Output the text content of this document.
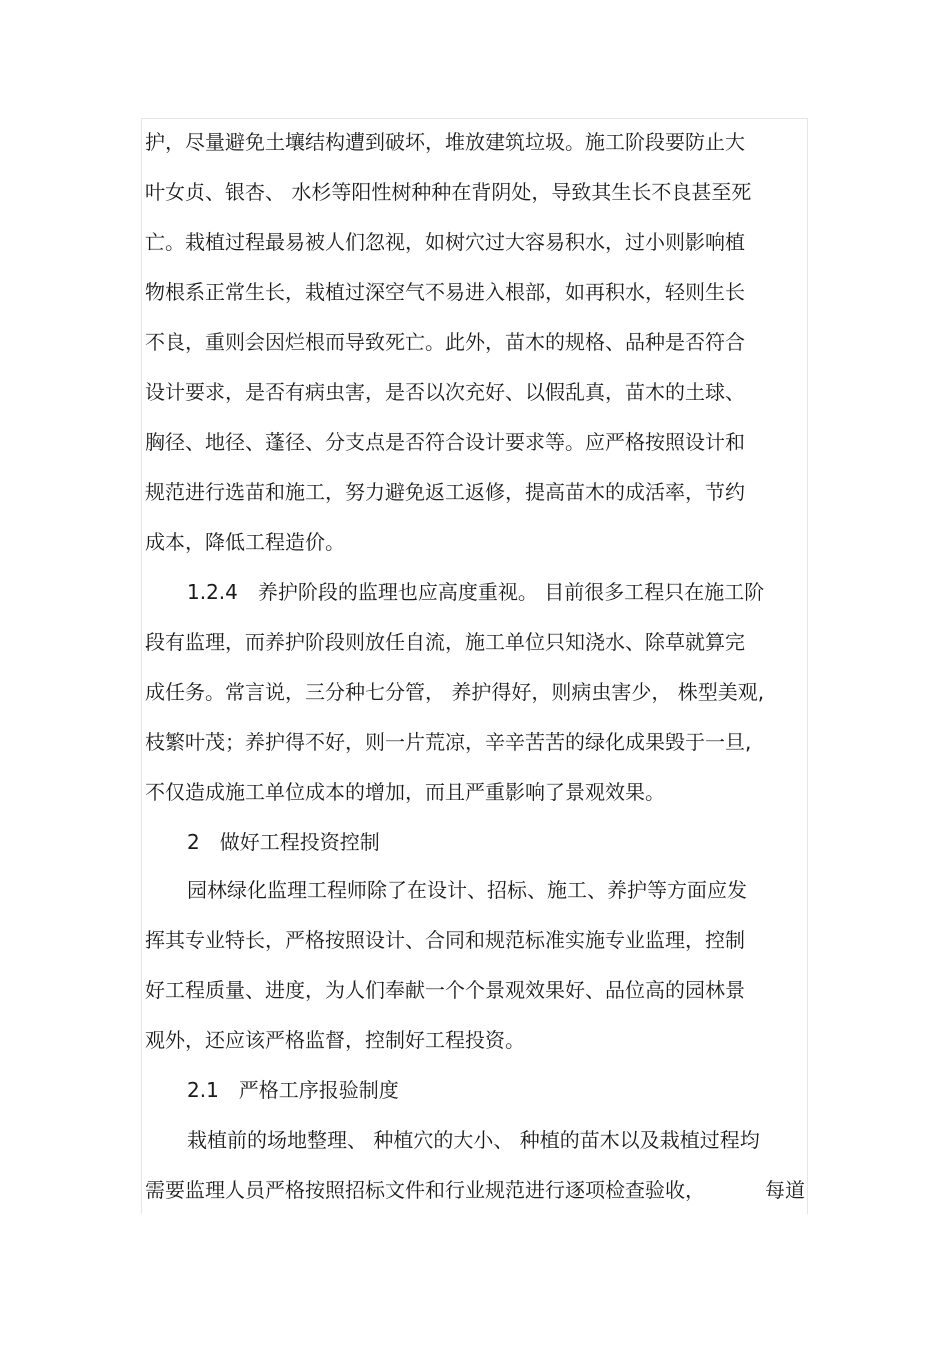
护，尽量避免土壤结构遭到破坏，堆放建筑垃圾。施工阶段要防止大
叶女贞、银杏、 水杉等阳性树种种在背阴处，导致其生长不良甚至死
亡。栽植过程最易被人们忽视，如树穴过大容易积水，过小则影响植
物根系正常生长，栽植过深空气不易进入根部，如再积水，轻则生长
不良，重则会因烂根而导致死亡。此外，苗木的规格、品种是否符合
设计要求，是否有病虫害，是否以次充好、以假乱真，苗木的土球、
胸径、地径、蓬径、分支点是否符合设计要求等。应严格按照设计和
规范进行选苗和施工，努力避免返工返修，提高苗木的成活率，节约
成本，降低工程造价。
1.2.4　养护阶段的监理也应高度重视。 目前很多工程只在施工阶
段有监理，而养护阶段则放任自流，施工单位只知浇水、除草就算完
成任务。常言说，三分种七分管， 养护得好，则病虫害少， 株型美观,
枝繁叶茂；养护得不好，则一片荒凉，辛辛苦苦的绿化成果毁于一旦,
不仅造成施工单位成本的增加，而且严重影响了景观效果。
2　做好工程投资控制
园林绿化监理工程师除了在设计、招标、施工、养护等方面应发
挥其专业特长，严格按照设计、合同和规范标准实施专业监理，控制
好工程质量、进度，为人们奉献一个个景观效果好、品位高的园林景
观外，还应该严格监督，控制好工程投资。
2.1　严格工序报验制度
栽植前的场地整理、 种植穴的大小、 种植的苗木以及栽植过程均
需要监理人员严格按照招标文件和行业规范进行逐项检查验收，	每道
